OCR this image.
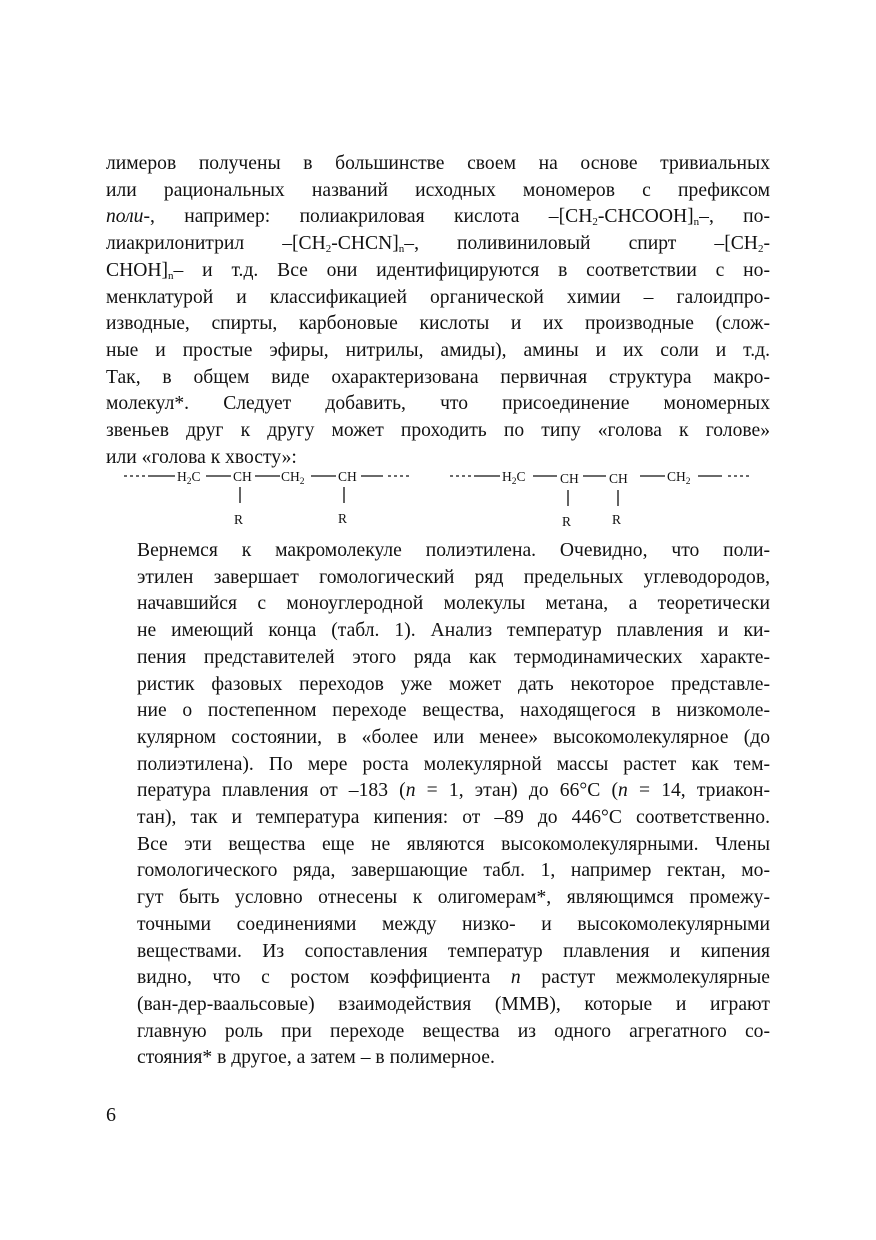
лимеров получены в большинстве своем на основе тривиальных
или рациональных названий исходных мономеров с префиксом
поли-, например: полиакриловая кислота $-[CH_2-CHCOOH]_n-$, по-
лиакрилонитрил $-[CH_2-CHCN]_n-$, поливиниловый спирт $-[CH_2-$
$CHOH]_n-$ и т.д. Все они идентифицируются в соответствии с но-
менклатурой и классификацией органической химии – галоидпро-
изводные, спирты, карбоновые кислоты и их производные (слож-
ные и простые эфиры, нитрилы, амиды), амины и их соли и т.д.
Так, в общем виде охарактеризована первичная структура макро-
молекул*. Следует добавить, что присоединение мономерных
звеньев друг к другу может проходить по типу «голова к голове»
или «голова к хвосту»:
$H_2C$ CH $CH_2$ CH
R	R
$H_2C$	CH CH	$CH_2$
R	R
Вернемся к макромолекуле полиэтилена. Очевидно, что поли-
этилен завершает гомологический ряд предельных углеводородов,
начавшийся с моноуглеродной молекулы метана, а теоретически
не имеющий конца (табл. 1). Анализ температур плавления и ки-
пения представителей этого ряда как термодинамических характе-
ристик фазовых переходов уже может дать некоторое представле-
ние о постепенном переходе вещества, находящегося в низкомоле-
кулярном состоянии, в «более или менее» высокомолекулярное (до
полиэтилена). По мере роста молекулярной массы растет как тем-
пература плавления от –183 (n = 1, этан) до 66°C (n = 14, триакон-
тан), так и температура кипения: от –89 до 446°C соответственно.
Все эти вещества еще не являются высокомолекулярными. Члены
гомологического ряда, завершающие табл. 1, например гектан, мо-
гут быть условно отнесены к олигомерам*, являющимся промежу-
точными соединениями между низко- и высокомолекулярными
веществами. Из сопоставления температур плавления и кипения
видно, что с ростом коэффициента n растут межмолекулярные
(ван-дер-ваальсовые) взаимодействия (ММВ), которые и играют
главную роль при переходе вещества из одного агрегатного со-
стояния* в другое, а затем – в полимерное.

6
